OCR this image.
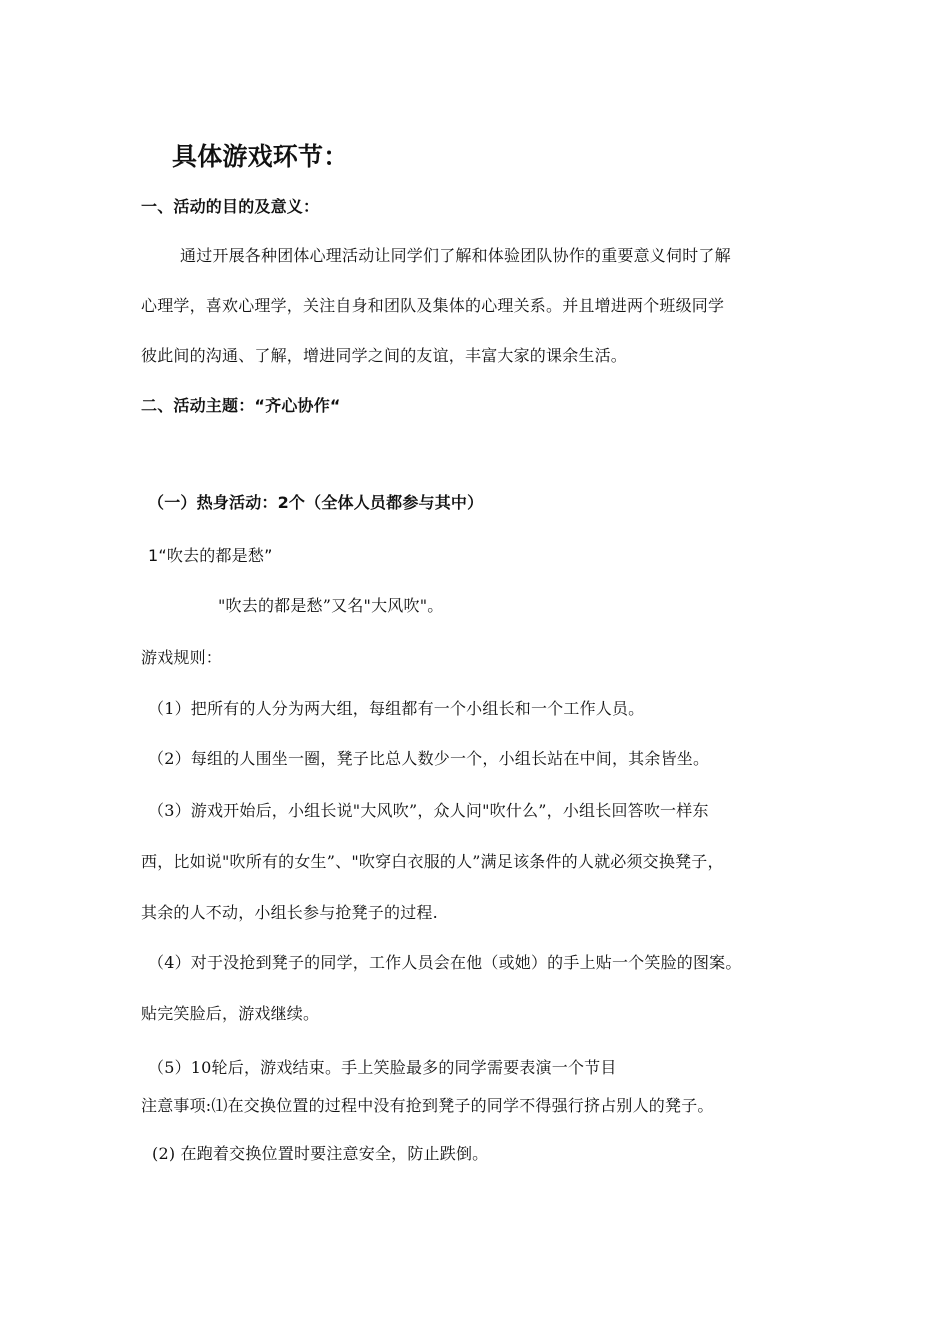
具体游戏环节：
一、活动的目的及意义：
通过开展各种团体心理活动让同学们了解和体验团队协作的重要意义伺时了解
心理学，喜欢心理学，关注自身和团队及集体的心理关系。并且增进两个班级同学
彼此间的沟通、了解，增进同学之间的友谊，丰富大家的课余生活。
二、活动主题：“齐心协作“
（一）热身活动：2个（全体人员都参与其中）
1“吹去的都是愁”
"吹去的都是愁”又名"大风吹"。
游戏规则：
（1）把所有的人分为两大组，每组都有一个小组长和一个工作人员。
（2）每组的人围坐一圈，凳子比总人数少一个，小组长站在中间，其余皆坐。
（3）游戏开始后，小组长说"大风吹”，众人问"吹什么”，小组长回答吹一样东
西，比如说"吹所有的女生”、"吹穿白衣服的人”满足该条件的人就必须交换凳子，
其余的人不动，小组长参与抢凳子的过程.
（4）对于没抢到凳子的同学，工作人员会在他（或她）的手上贴一个笑脸的图案。
贴完笑脸后，游戏继续。
（5）10轮后，游戏结束。手上笑脸最多的同学需要表演一个节目
注意事项:⑴在交换位置的过程中没有抢到凳子的同学不得强行挤占别人的凳子。
(2) 在跑着交换位置时要注意安全，防止跌倒。
